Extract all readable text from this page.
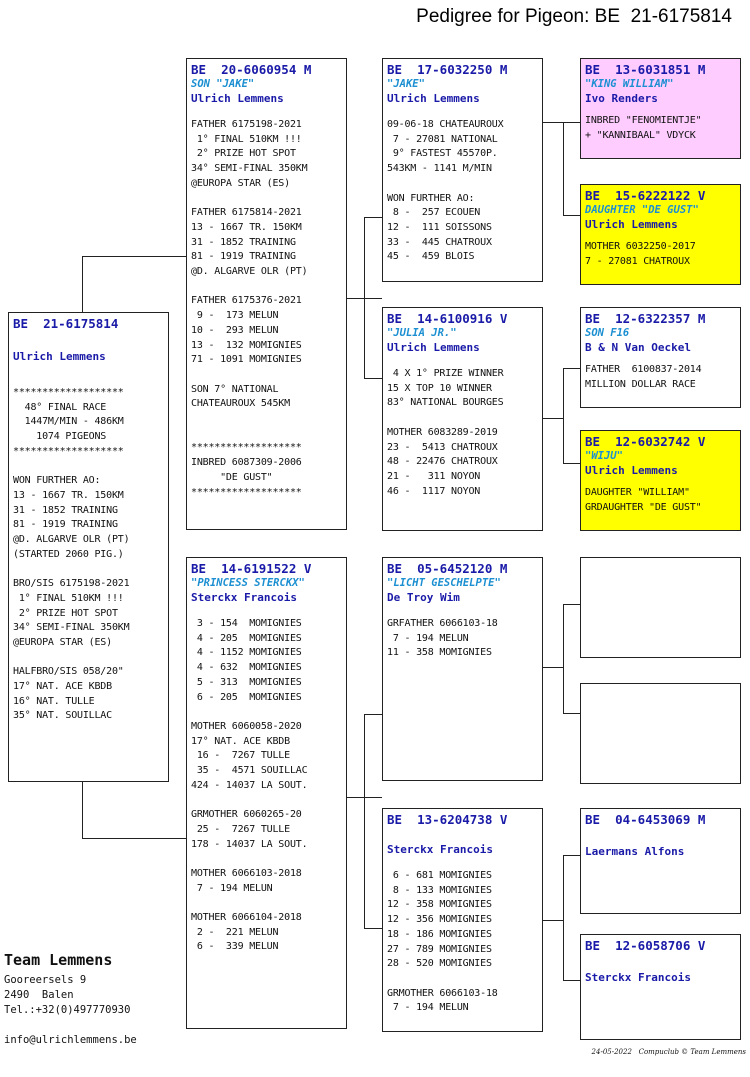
Pedigree for Pigeon: BE  21-6175814
BE  21-6175814
Ulrich Lemmens
*******************
48° FINAL RACE
1447M/MIN - 486KM
1074 PIGEONS
*******************

WON FURTHER AO:
13 - 1667 TR. 150KM
31 - 1852 TRAINING
81 - 1919 TRAINING
@D. ALGARVE OLR (PT)
(STARTED 2060 PIG.)

BRO/SIS 6175198-2021
1° FINAL 510KM !!!
2° PRIZE HOT SPOT
34° SEMI-FINAL 350KM
@EUROPA STAR (ES)

HALFBRO/SIS 058/20"
17° NAT. ACE KBDB
16° NAT. TULLE
35° NAT. SOUILLAC
BE  20-6060954 M
SON "JAKE"
Ulrich Lemmens
FATHER 6175198-2021
1° FINAL 510KM !!!
2° PRIZE HOT SPOT
34° SEMI-FINAL 350KM
@EUROPA STAR (ES)

FATHER 6175814-2021
13 - 1667 TR. 150KM
31 - 1852 TRAINING
81 - 1919 TRAINING
@D. ALGARVE OLR (PT)

FATHER 6175376-2021
9 -  173 MELUN
10 -  293 MELUN
13 -  132 MOMIGNIES
71 - 1091 MOMIGNIES

SON 7° NATIONAL
CHATEAUROUX 545KM

*******************
INBRED 6087309-2006
"DE GUST"
*******************
BE  14-6191522 V
"PRINCESS STERCKX"
Sterckx Francois
3 - 154  MOMIGNIES
4 - 205  MOMIGNIES
4 - 1152 MOMIGNIES
4 - 632  MOMIGNIES
5 - 313  MOMIGNIES
6 - 205  MOMIGNIES

MOTHER 6060058-2020
17° NAT. ACE KBDB
16 -  7267 TULLE
35 -  4571 SOUILLAC
424 - 14037 LA SOUT.

GRMOTHER 6060265-20
25 -  7267 TULLE
178 - 14037 LA SOUT.

MOTHER 6066103-2018
7 - 194 MELUN

MOTHER 6066104-2018
2 -  221 MELUN
6 -  339 MELUN
BE  17-6032250 M
"JAKE"
Ulrich Lemmens
09-06-18 CHATEAUROUX
7 - 27081 NATIONAL
9° FASTEST 45570P.
543KM - 1141 M/MIN

WON FURTHER AO:
8 -  257 ECOUEN
12 -  111 SOISSONS
33 -  445 CHATROUX
45 -  459 BLOIS
BE  14-6100916 V
"JULIA JR."
Ulrich Lemmens
4 X 1° PRIZE WINNER
15 X TOP 10 WINNER
83° NATIONAL BOURGES

MOTHER 6083289-2019
23 -  5413 CHATROUX
48 - 22476 CHATROUX
21 -   311 NOYON
46 -  1117 NOYON
BE  05-6452120 M
"LICHT GESCHELPTE"
De Troy Wim
GRFATHER 6066103-18
7 - 194 MELUN
11 - 358 MOMIGNIES
BE  13-6204738 V
Sterckx Francois
6 - 681 MOMIGNIES
8 - 133 MOMIGNIES
12 - 358 MOMIGNIES
12 - 356 MOMIGNIES
18 - 186 MOMIGNIES
27 - 789 MOMIGNIES
28 - 520 MOMIGNIES

GRMOTHER 6066103-18
7 - 194 MELUN
BE  13-6031851 M
"KING WILLIAM"
Ivo Renders
INBRED "FENOMIENTJE"
+ "KANNIBAAL" VDYCK
BE  15-6222122 V
DAUGHTER "DE GUST"
Ulrich Lemmens
MOTHER 6032250-2017
7 - 27081 CHATROUX
BE  12-6322357 M
SON F16
B & N Van Oeckel
FATHER  6100837-2014
MILLION DOLLAR RACE
BE  12-6032742 V
"WIJU"
Ulrich Lemmens
DAUGHTER "WILLIAM"
GRDAUGHTER "DE GUST"
BE  04-6453069 M
Laermans Alfons
BE  12-6058706 V
Sterckx Francois
Team Lemmens
Gooreersels 9
2490  Balen
Tel.:+32(0)497770930
info@ulrichlemmens.be
24-05-2022   Compuclub © Team Lemmens
